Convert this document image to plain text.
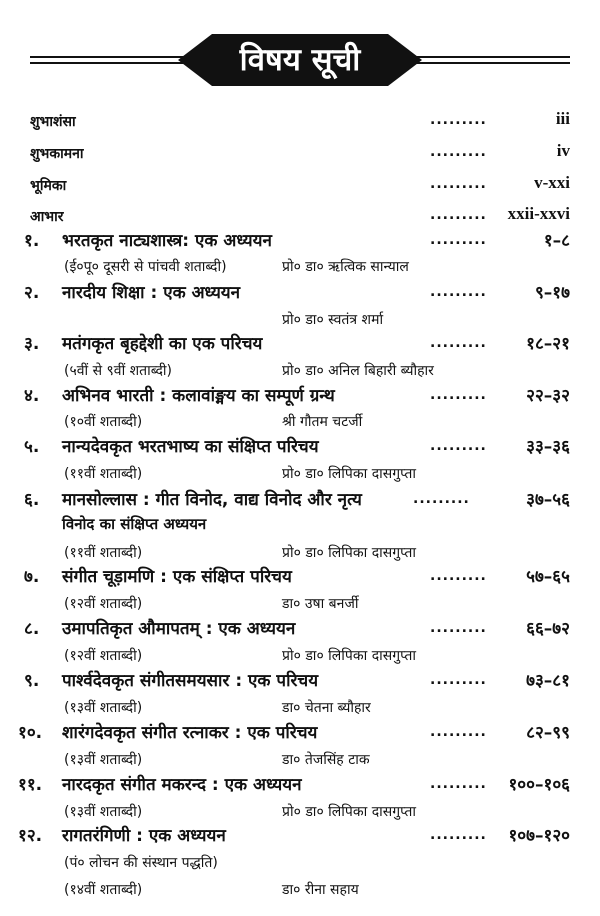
विषय सूची
शुभाशंसा	.........	iii
शुभकामना	.........	iv
भूमिका	.........	v-xxi
आभार	......... xxii-xxvi
१. भरतकृत नाट्यशास्त्र: एक अध्ययन	.........	१–८
(ई०पू० दूसरी से पांचवी शताब्दी)	प्रो० डा० ऋत्विक सान्याल
२. नारदीय शिक्षा : एक अध्ययन	.........	९–१७
प्रो० डा० स्वतंत्र शर्मा
३. मतंगकृत बृहद्देशी का एक परिचय	......... १८–२१
(५वीं से ९वीं शताब्दी)	प्रो० डा० अनिल बिहारी ब्यौहार
४. अभिनव भारती : कलावांङ्मय का सम्पूर्ण ग्रन्थ	......... २२–३२
(१०वीं शताब्दी)	श्री गौतम चटर्जी
५. नान्यदेवकृत भरतभाष्य का संक्षिप्त परिचय	......... ३३–३६
(११वीं शताब्दी)	प्रो० डा० लिपिका दासगुप्ता
६. मानसोल्लास : गीत विनोद, वाद्य विनोद और नृत्य	.........	३७–५६
विनोद का संक्षिप्त अध्ययन
(११वीं शताब्दी)	प्रो० डा० लिपिका दासगुप्ता
७. संगीत चूड़ामणि : एक संक्षिप्त परिचय	......... ५७–६५
(१२वीं शताब्दी)	डा० उषा बनर्जी
८. उमापतिकृत औमापतम् : एक अध्ययन	......... ६६–७२
(१२वीं शताब्दी)	प्रो० डा० लिपिका दासगुप्ता
९. पार्श्वदेवकृत संगीतसमयसार : एक परिचय	......... ७३–८१
(१३वीं शताब्दी)	डा० चेतना ब्यौहार
१०. शारंगदेवकृत संगीत रत्नाकर : एक परिचय	......... ८२–९९
(१३वीं शताब्दी)	डा० तेजसिंह टाक
११. नारदकृत संगीत मकरन्द : एक अध्ययन	......... १००–१०६
(१३वीं शताब्दी)	प्रो० डा० लिपिका दासगुप्ता
१२. रागतरंगिणी : एक अध्ययन	......... १०७–१२०
(पं० लोचन की संस्थान पद्धति)
(१४वीं शताब्दी)	डा० रीना सहाय
